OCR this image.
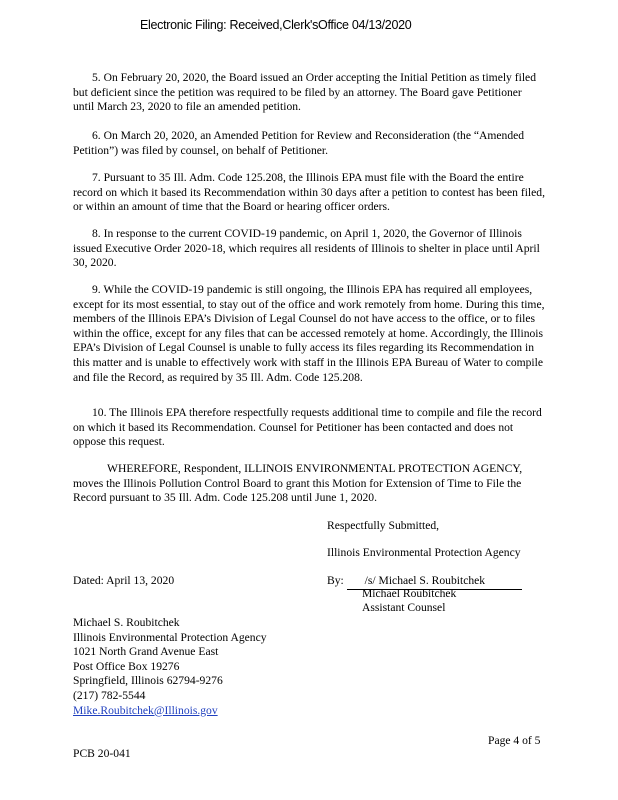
Electronic Filing: Received,Clerk'sOffice 04/13/2020

5. On February 20, 2020, the Board issued an Order accepting the Initial Petition as timely filed but deficient since the petition was required to be filed by an attorney. The Board gave Petitioner until March 23, 2020 to file an amended petition.

6. On March 20, 2020, an Amended Petition for Review and Reconsideration (the “Amended Petition”) was filed by counsel, on behalf of Petitioner.

7. Pursuant to 35 Ill. Adm. Code 125.208, the Illinois EPA must file with the Board the entire record on which it based its Recommendation within 30 days after a petition to contest has been filed, or within an amount of time that the Board or hearing officer orders.

8. In response to the current COVID-19 pandemic, on April 1, 2020, the Governor of Illinois issued Executive Order 2020-18, which requires all residents of Illinois to shelter in place until April 30, 2020.

9. While the COVID-19 pandemic is still ongoing, the Illinois EPA has required all employees, except for its most essential, to stay out of the office and work remotely from home. During this time, members of the Illinois EPA’s Division of Legal Counsel do not have access to the office, or to files within the office, except for any files that can be accessed remotely at home. Accordingly, the Illinois EPA’s Division of Legal Counsel is unable to fully access its files regarding its Recommendation in this matter and is unable to effectively work with staff in the Illinois EPA Bureau of Water to compile and file the Record, as required by 35 Ill. Adm. Code 125.208.

10. The Illinois EPA therefore respectfully requests additional time to compile and file the record on which it based its Recommendation. Counsel for Petitioner has been contacted and does not oppose this request.

WHEREFORE, Respondent, ILLINOIS ENVIRONMENTAL PROTECTION AGENCY, moves the Illinois Pollution Control Board to grant this Motion for Extension of Time to File the Record pursuant to 35 Ill. Adm. Code 125.208 until June 1, 2020.

Respectfully Submitted,
Illinois Environmental Protection Agency
Dated: April 13, 2020	By: /s/ Michael S. Roubitchek
Michael Roubitchek
Assistant Counsel
Michael S. Roubitchek
Illinois Environmental Protection Agency
1021 North Grand Avenue East
Post Office Box 19276
Springfield, Illinois 62794-9276
(217) 782-5544
Mike.Roubitchek@Illinois.gov
Page 4 of 5
PCB 20-041
